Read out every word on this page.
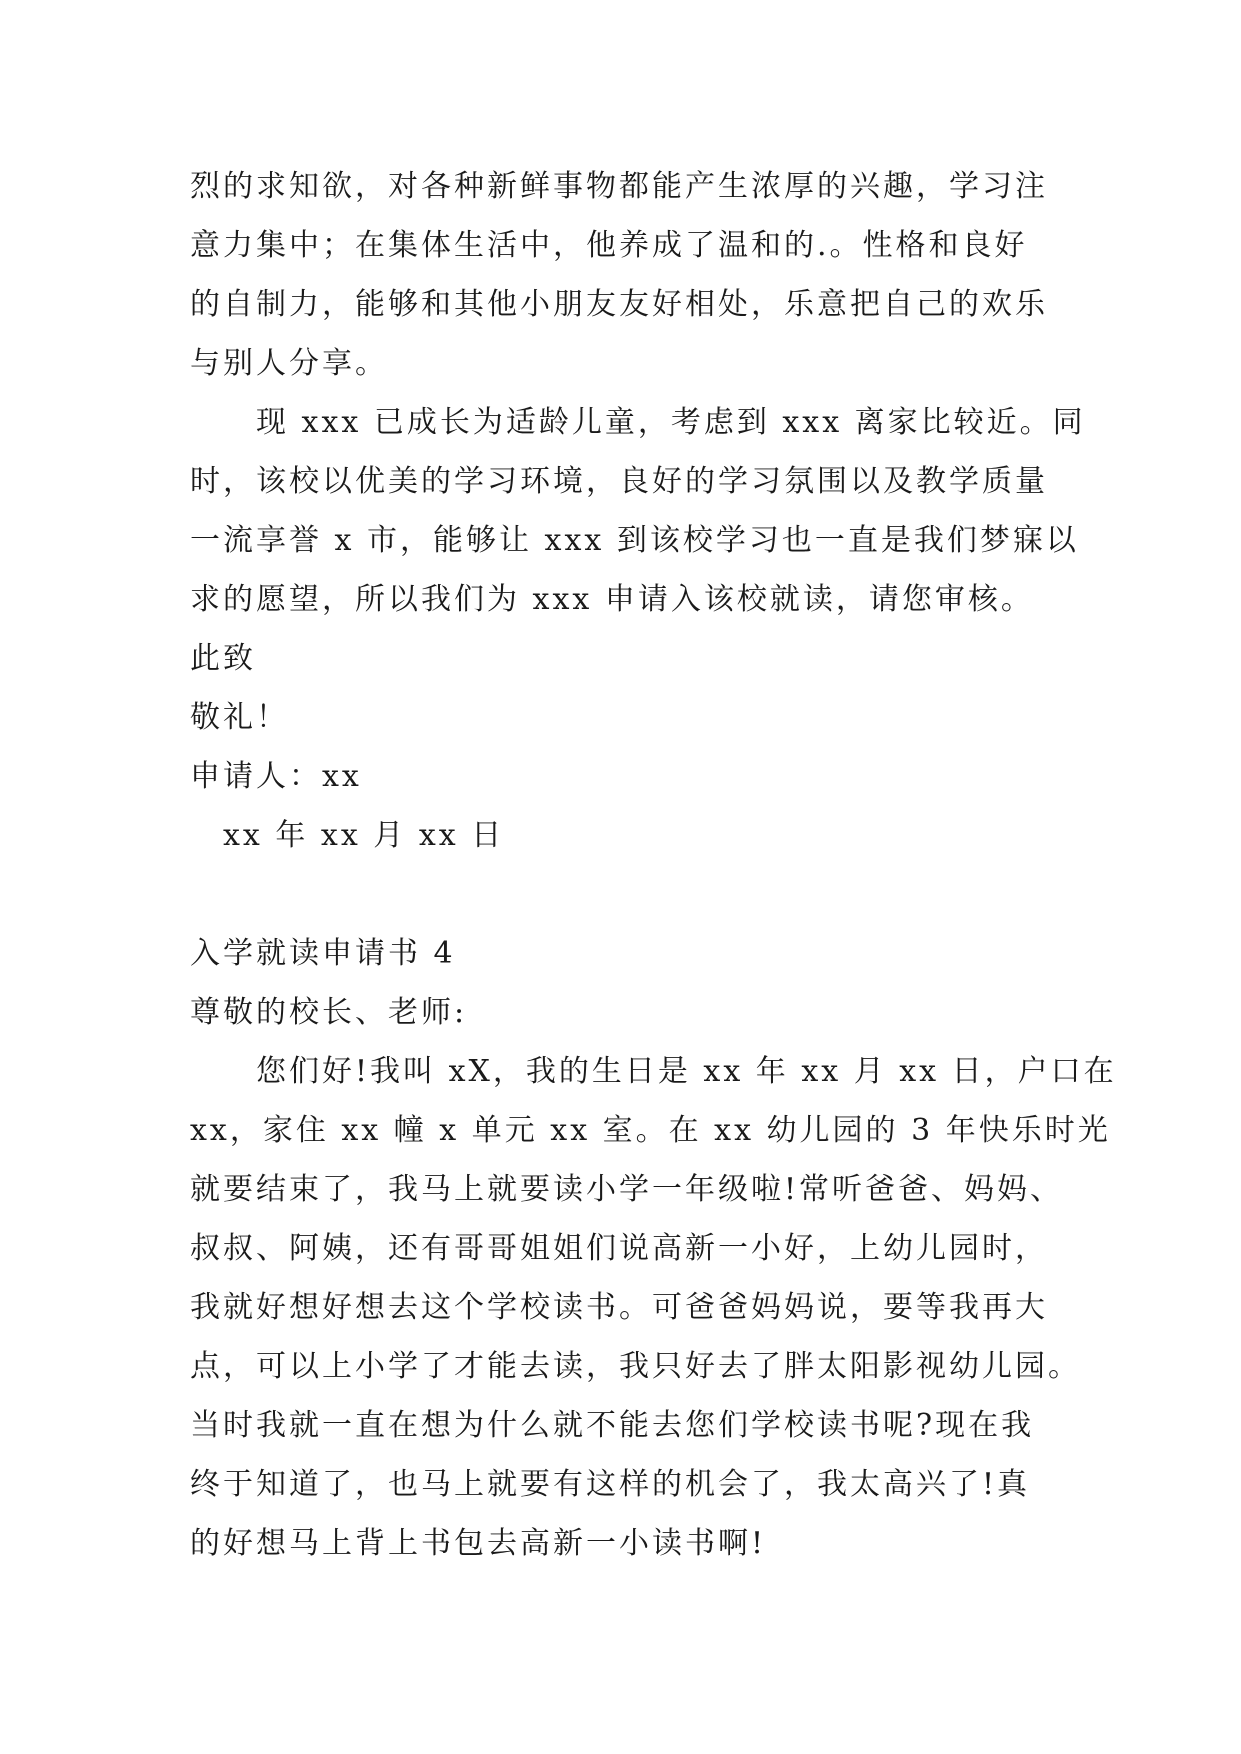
烈的求知欲，对各种新鲜事物都能产生浓厚的兴趣，学习注
意力集中；在集体生活中，他养成了温和的.。性格和良好
的自制力，能够和其他小朋友友好相处，乐意把自己的欢乐
与别人分享。
　　现 xxx 已成长为适龄儿童，考虑到 xxx 离家比较近。同
时，该校以优美的学习环境，良好的学习氛围以及教学质量
一流享誉 x 市，能够让 xxx 到该校学习也一直是我们梦寐以
求的愿望，所以我们为 xxx 申请入该校就读，请您审核。
此致
敬礼！
申请人：xx
　xx 年 xx 月 xx 日
入学就读申请书 4
尊敬的校长、老师:
　　您们好!我叫 xX，我的生日是 xx 年 xx 月 xx 日，户口在
xx，家住 xx 幢 x 单元 xx 室。在 xx 幼儿园的 3 年快乐时光
就要结束了，我马上就要读小学一年级啦!常听爸爸、妈妈、
叔叔、阿姨，还有哥哥姐姐们说高新一小好，上幼儿园时，
我就好想好想去这个学校读书。可爸爸妈妈说，要等我再大
点，可以上小学了才能去读，我只好去了胖太阳影视幼儿园。
当时我就一直在想为什么就不能去您们学校读书呢?现在我
终于知道了，也马上就要有这样的机会了，我太高兴了!真
的好想马上背上书包去高新一小读书啊!
